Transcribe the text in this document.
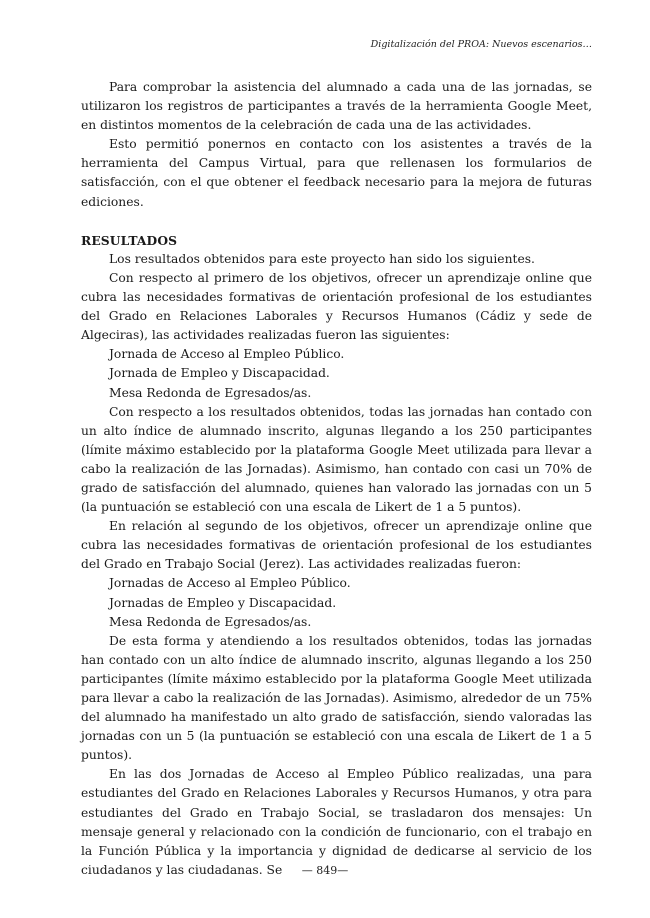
Digitalización del PROA: Nuevos escenarios…

Para comprobar la asistencia del alumnado a cada una de las jornadas, se utilizaron los registros de participantes a través de la herramienta Google Meet, en distintos momentos de la celebración de cada una de las actividades.

Esto permitió ponernos en contacto con los asistentes a través de la herramienta del Campus Virtual, para que rellenasen los formularios de satisfacción, con el que obtener el feedback necesario para la mejora de futuras ediciones.

RESULTADOS

Los resultados obtenidos para este proyecto han sido los siguientes.

Con respecto al primero de los objetivos, ofrecer un aprendizaje online que cubra las necesidades formativas de orientación profesional de los estudiantes del Grado en Relaciones Laborales y Recursos Humanos (Cádiz y sede de Algeciras), las actividades realizadas fueron las siguientes:

Jornada de Acceso al Empleo Público.

Jornada de Empleo y Discapacidad.

Mesa Redonda de Egresados/as.

Con respecto a los resultados obtenidos, todas las jornadas han contado con un alto índice de alumnado inscrito, algunas llegando a los 250 participantes (límite máximo establecido por la plataforma Google Meet utilizada para llevar a cabo la realización de las Jornadas). Asimismo, han contado con casi un 70% de grado de satisfacción del alumnado, quienes han valorado las jornadas con un 5 (la puntuación se estableció con una escala de Likert de 1 a 5 puntos).

En relación al segundo de los objetivos, ofrecer un aprendizaje online que cubra las necesidades formativas de orientación profesional de los estudiantes del Grado en Trabajo Social (Jerez). Las actividades realizadas fueron:

Jornadas de Acceso al Empleo Público.

Jornadas de Empleo y Discapacidad.

Mesa Redonda de Egresados/as.

De esta forma y atendiendo a los resultados obtenidos, todas las jornadas han contado con un alto índice de alumnado inscrito, algunas llegando a los 250 participantes (límite máximo establecido por la plataforma Google Meet utilizada para llevar a cabo la realización de las Jornadas). Asimismo, alrededor de un 75% del alumnado ha manifestado un alto grado de satisfacción, siendo valoradas las jornadas con un 5 (la puntuación se estableció con una escala de Likert de 1 a 5 puntos).

En las dos Jornadas de Acceso al Empleo Público realizadas, una para estudiantes del Grado en Relaciones Laborales y Recursos Humanos, y otra para estudiantes del Grado en Trabajo Social, se trasladaron dos mensajes: Un mensaje general y relacionado con la condición de funcionario, con el trabajo en la Función Pública y la importancia y dignidad de dedicarse al servicio de los ciudadanos y las ciudadanas. Se	— 849—
